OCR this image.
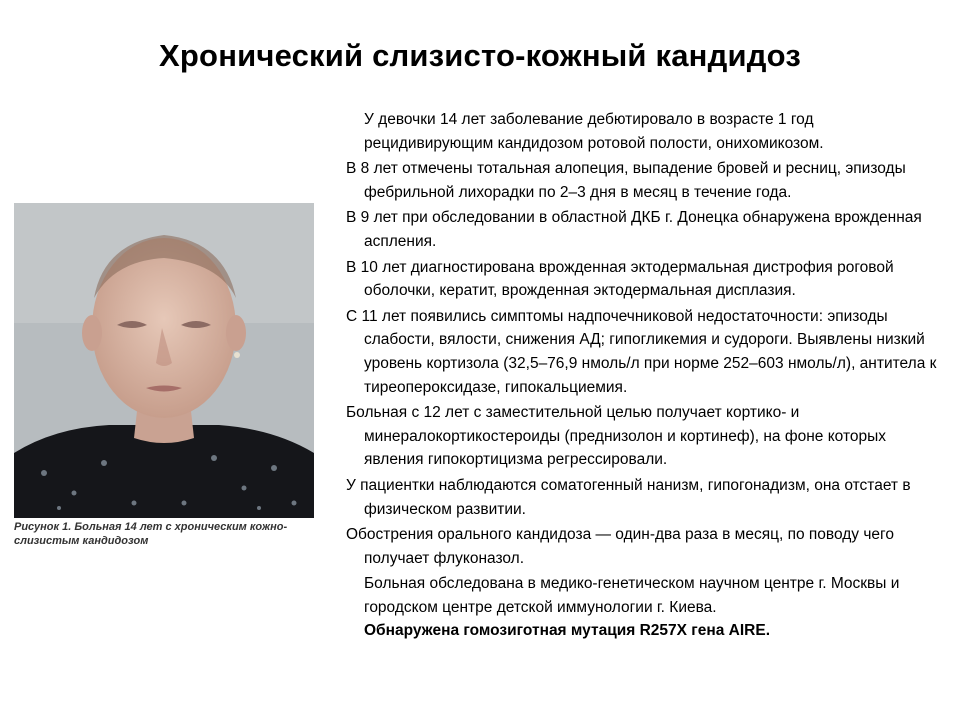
Хронический слизисто-кожный кандидоз
Рисунок 1. Больная 14 лет с хроническим кожно-слизистым кандидозом

У девочки 14 лет заболевание дебютировало в возрасте 1 год рецидивирующим кандидозом ротовой полости, онихомикозом.

В 8 лет отмечены тотальная алопеция, выпадение бровей и ресниц, эпизоды фебрильной лихорадки по 2–3 дня в месяц в течение года.

В 9 лет при обследовании в областной ДКБ г. Донецка обнаружена врожденная аспления.

В 10 лет диагностирована врожденная эктодермальная дистрофия роговой оболочки, кератит, врожденная эктодермальная дисплазия.

С 11 лет появились симптомы надпочечниковой недостаточности: эпизоды слабости, вялости, снижения АД; гипогликемия и судороги. Выявлены низкий уровень кортизола (32,5–76,9 нмоль/л при норме 252–603 нмоль/л), антитела к тиреопероксидазе, гипокальциемия.

Больная с 12 лет с заместительной целью получает кортико- и минералокортикостероиды (преднизолон и кортинеф), на фоне которых явления гипокортицизма регрессировали.

У пациентки наблюдаются соматогенный нанизм, гипогонадизм, она отстает в физическом развитии.

Обострения орального кандидоза — один-два раза в месяц, по поводу чего получает флуконазол.

Больная обследована в медико-генетическом научном центре г. Москвы и городском центре детской иммунологии г. Киева.

Обнаружена гомозиготная мутация R257X гена AIRE.
